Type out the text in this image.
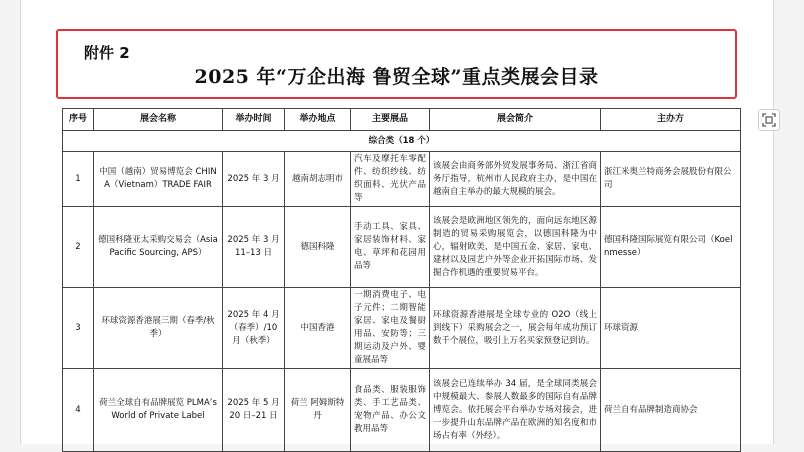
附件 2
2025 年“万企出海 鲁贸全球”重点类展会目录
序号	展会名称	举办时间	举办地点	主要展品	展会简介	主办方
综合类（18 个）						
1	中国（越南）贸易博览会 CHINA（Vietnam）TRADE FAIR	2025 年 3 月	越南胡志明市	汽车及摩托车零配件、纺织纱线、纺织面料、光伏产品等	该展会由商务部外贸发展事务局、浙江省商务厅指导，杭州市人民政府主办，是中国在越南自主举办的最大规模的展会。	浙江米奥兰特商务会展股份有限公司
2	德国科隆亚太采购交易会（Asia Pacific Sourcing, APS）	2025 年 3 月 11–13 日	德国科隆	手动工具、家具、家居装饰材料、家电、草坪和花园用品等	该展会是欧洲地区领先的，面向远东地区源制造的贸易采购展览会，以德国科隆为中心，辐射欧美，是中国五金、家居、家电、建材以及园艺户外等企业开拓国际市场、发掘合作机遇的重要贸易平台。	德国科隆国际展览有限公司（Koelnmesse）
3	环球资源香港展三期（春季/秋季）	2025 年 4 月（春季）/10 月（秋季）	中国香港	一期消费电子、电子元件；二期智能家居、家电及餐厨用品、安防等；三期运动及户外、婴童展品等	环球资源香港展是全球专业的 O2O（线上到线下）采购展会之一，展会每年成功预订数千个展位，吸引上万名买家预登记到访。	环球资源
4	荷兰全球自有品牌展览 PLMA’s World of Private Label	2025 年 5 月 20 日–21 日	荷兰 阿姆斯特丹	食品类、服装服饰类、手工艺品类、宠物产品、办公文教用品等	该展会已连续举办 34 届，是全球同类展会中规模最大、参展人数最多的国际自有品牌博览会。依托展会平台举办专场对接会，进一步提升山东品牌产品在欧洲的知名度和市场占有率（外经）。	荷兰自有品牌制造商协会
